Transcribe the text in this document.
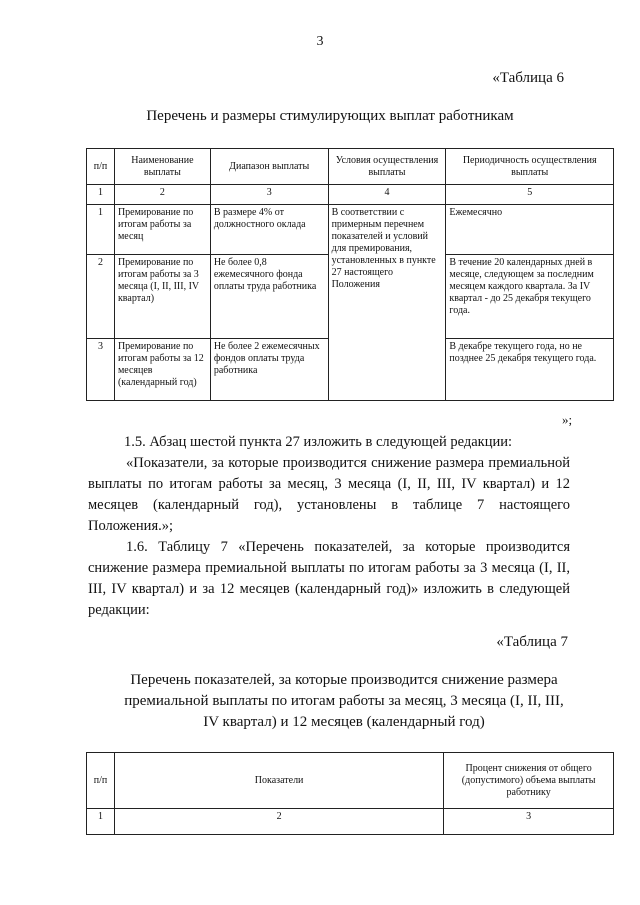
3
«Таблица 6
Перечень и размеры стимулирующих выплат работникам
п/п	Наименование выплаты	Диапазон выплаты	Условия осуществления выплаты	Периодичность осуществления выплаты
1	2	3	4	5
1	Премирование по итогам работы за месяц	В размере 4% от должностного оклада	В соответствии с примерным перечнем показателей и условий для премирования, установленных в пункте 27 настоящего Положения	Ежемесячно
2	Премирование по итогам работы за 3 месяца (I, II, III, IV квартал)	Не более 0,8 ежемесячного фонда оплаты труда работника		В течение 20 календарных дней в месяце, следующем за последним месяцем каждого квартала. За IV квартал - до 25 декабря текущего года.
3	Премирование по итогам работы за 12 месяцев (календарный год)	Не более 2 ежемесячных фондов оплаты труда работника		В декабре текущего года, но не позднее 25 декабря текущего года.
»;

1.5. Абзац шестой пункта 27 изложить в следующей редакции:

«Показатели, за которые производится снижение размера премиальной выплаты по итогам работы за месяц, 3 месяца (I, II, III, IV квартал) и 12 месяцев (календарный год), установлены в таблице 7 настоящего Положения.»;

1.6. Таблицу 7 «Перечень показателей, за которые производится снижение размера премиальной выплаты по итогам работы за 3 месяца (I, II, III, IV квартал) и за 12 месяцев (календарный год)» изложить в следующей редакции:

«Таблица 7
Перечень показателей, за которые производится снижение размера премиальной выплаты по итогам работы за месяц, 3 месяца (I, II, III, IV квартал) и 12 месяцев (календарный год)
п/п	Показатели	Процент снижения от общего (допустимого) объема выплаты работнику
1	2	3
